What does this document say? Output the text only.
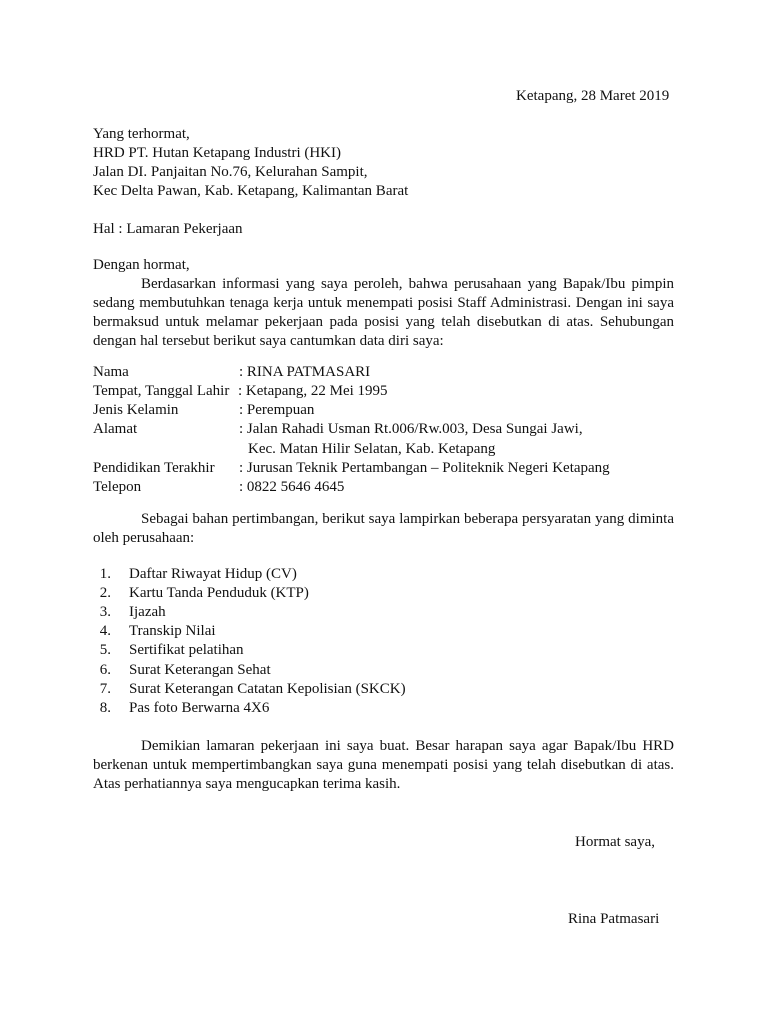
Ketapang, 28 Maret 2019
Yang terhormat,
HRD PT. Hutan Ketapang Industri (HKI)
Jalan DI. Panjaitan No.76, Kelurahan Sampit,
Kec Delta Pawan, Kab. Ketapang, Kalimantan Barat
Hal : Lamaran Pekerjaan
Dengan hormat,
Berdasarkan informasi yang saya peroleh, bahwa perusahaan yang Bapak/Ibu pimpin sedang membutuhkan tenaga kerja untuk menempati posisi Staff Administrasi. Dengan ini saya bermaksud untuk melamar pekerjaan pada posisi yang telah disebutkan di atas. Sehubungan dengan hal tersebut berikut saya cantumkan data diri saya:
Nama	: RINA PATMASARI
Tempat, Tanggal Lahir : Ketapang, 22 Mei 1995
Jenis Kelamin	: Perempuan
Alamat	: Jalan Rahadi Usman Rt.006/Rw.003, Desa Sungai Jawi,
Kec. Matan Hilir Selatan, Kab. Ketapang
Pendidikan Terakhir : Jurusan Teknik Pertambangan – Politeknik Negeri Ketapang
Telepon	: 0822 5646 4645
Sebagai bahan pertimbangan, berikut saya lampirkan beberapa persyaratan yang diminta oleh perusahaan:
1. Daftar Riwayat Hidup (CV)
2. Kartu Tanda Penduduk (KTP)
3. Ijazah
4. Transkip Nilai
5. Sertifikat pelatihan
6. Surat Keterangan Sehat
7. Surat Keterangan Catatan Kepolisian (SKCK)
8. Pas foto Berwarna 4X6
Demikian lamaran pekerjaan ini saya buat. Besar harapan saya agar Bapak/Ibu HRD berkenan untuk mempertimbangkan saya guna menempati posisi yang telah disebutkan di atas. Atas perhatiannya saya mengucapkan terima kasih.
Hormat saya,
Rina Patmasari
